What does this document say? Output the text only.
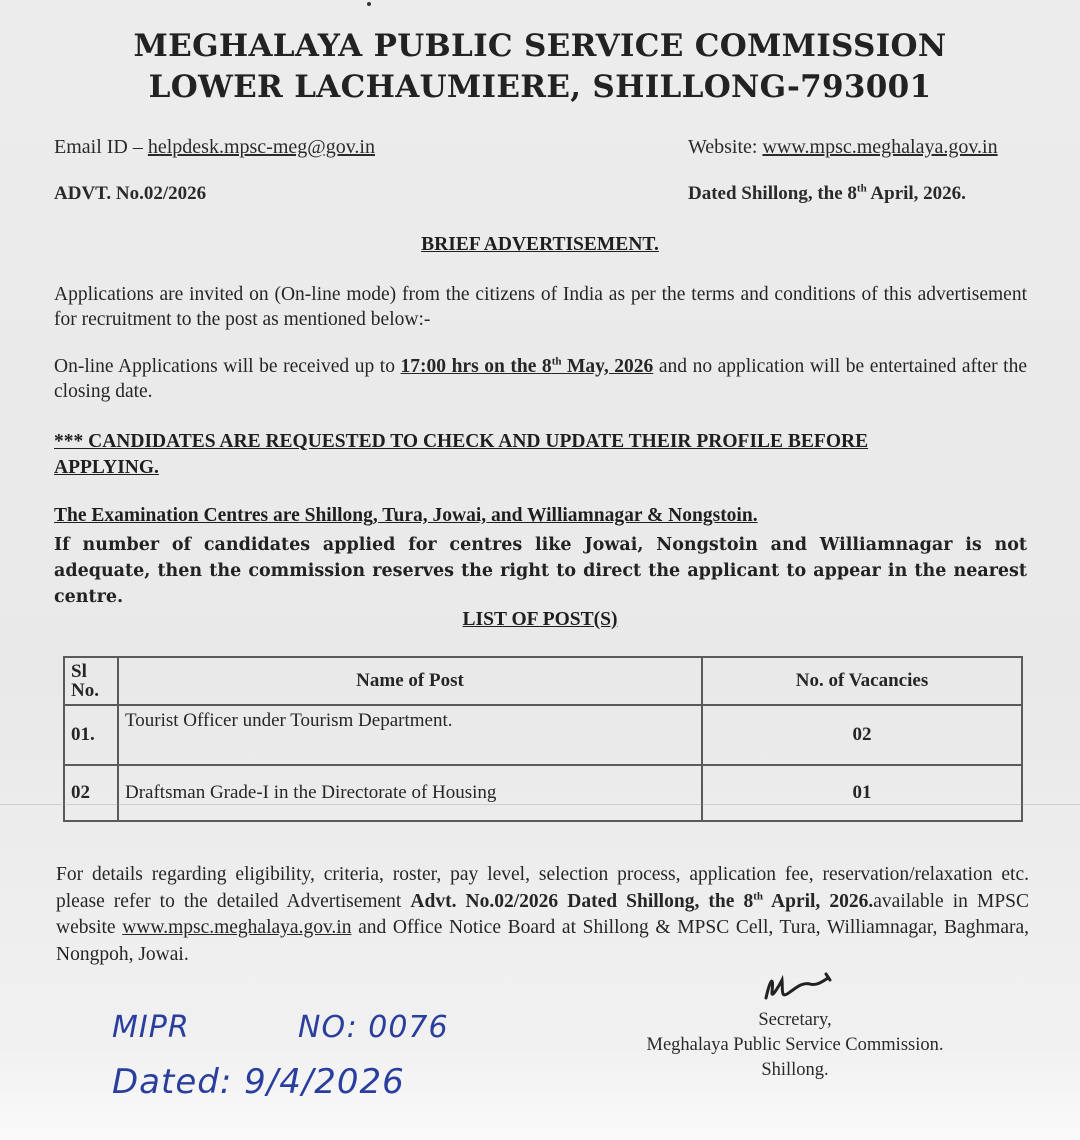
MEGHALAYA PUBLIC SERVICE COMMISSION
LOWER LACHAUMIERE, SHILLONG-793001
Email ID – helpdesk.mpsc-meg@gov.in	Website: www.mpsc.meghalaya.gov.in
ADVT. No.02/2026	Dated Shillong, the 8th April, 2026.
BRIEF ADVERTISEMENT.
Applications are invited on (On-line mode) from the citizens of India as per the terms and conditions of this advertisement for recruitment to the post as mentioned below:-
On-line Applications will be received up to 17:00 hrs on the 8th May, 2026 and no application will be entertained after the closing date.
*** CANDIDATES ARE REQUESTED TO CHECK AND UPDATE THEIR PROFILE BEFORE APPLYING.
The Examination Centres are Shillong, Tura, Jowai, and Williamnagar & Nongstoin.
If number of candidates applied for centres like Jowai, Nongstoin and Williamnagar is not adequate, then the commission reserves the right to direct the applicant to appear in the nearest centre.
LIST OF POST(S)
Sl
No.	Name of Post	No. of Vacancies
01.	Tourist Officer under Tourism Department.	02
02	Draftsman Grade-I in the Directorate of Housing	01
For details regarding eligibility, criteria, roster, pay level, selection process, application fee, reservation/relaxation etc. please refer to the detailed Advertisement Advt. No.02/2026 Dated Shillong, the 8th April, 2026.available in MPSC website www.mpsc.meghalaya.gov.in and Office Notice Board at Shillong & MPSC Cell, Tura, Williamnagar, Baghmara, Nongpoh, Jowai.
Secretary,
Meghalaya Public Service Commission.
Shillong.
MIPR	NO: 0076
Dated: 9/4/2026
